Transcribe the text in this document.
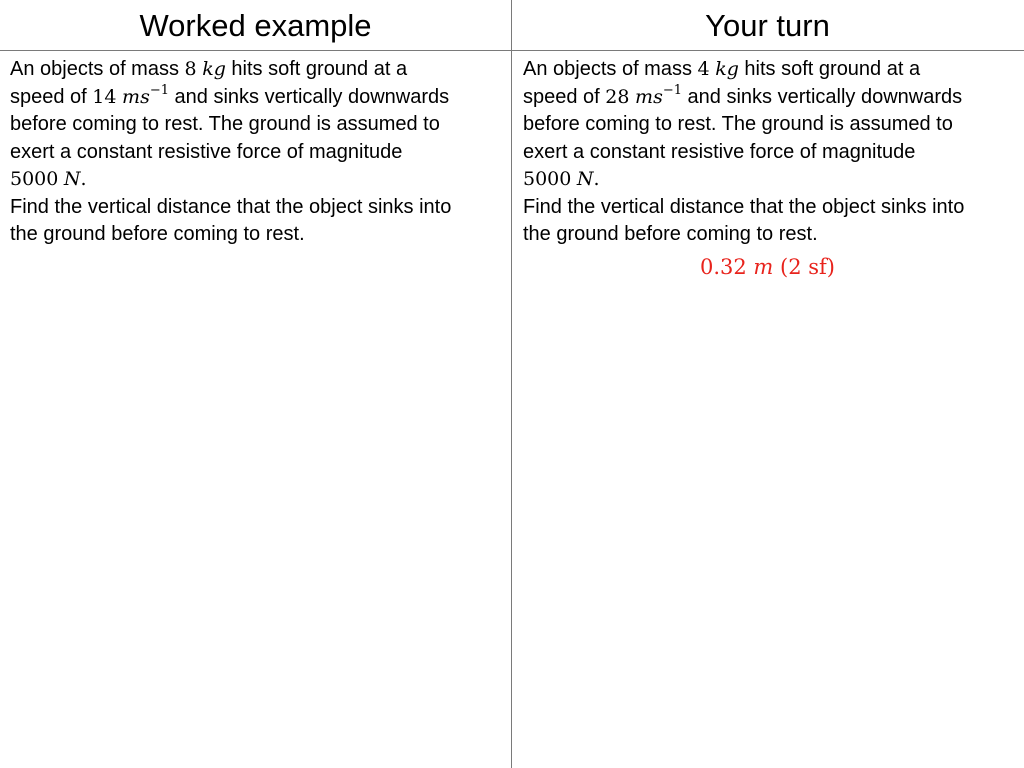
Worked example	Your turn
An objects of mass 8 kg hits soft ground at a
speed of 14 $ms^{-1}$ and sinks vertically downwards
before coming to rest. The ground is assumed to
exert a constant resistive force of magnitude
5000 N.
Find the vertical distance that the object sinks into
the ground before coming to rest.
An objects of mass 4 kg hits soft ground at a
speed of 28 $ms^{-1}$ and sinks vertically downwards
before coming to rest. The ground is assumed to
exert a constant resistive force of magnitude
5000 N.
Find the vertical distance that the object sinks into
the ground before coming to rest.
0.32 m (2 sf)
